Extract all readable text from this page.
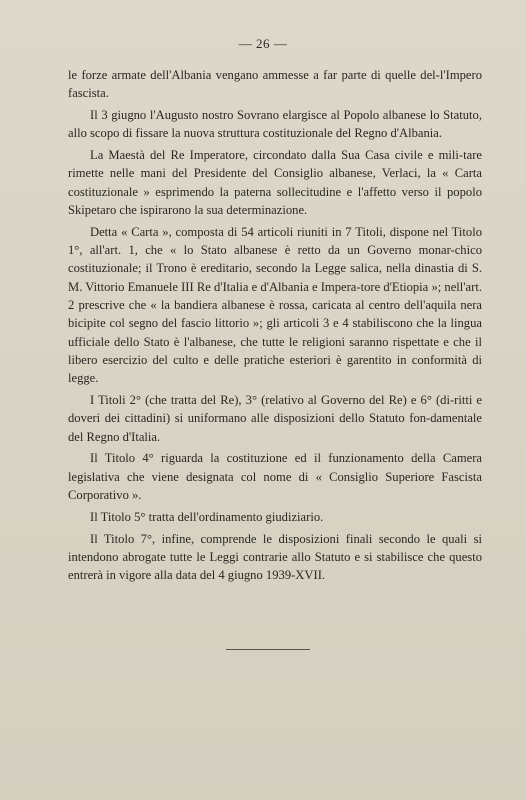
— 26 —

le forze armate dell'Albania vengano ammesse a far parte di quelle del-l'Impero fascista.

Il 3 giugno l'Augusto nostro Sovrano elargisce al Popolo albanese lo Statuto, allo scopo di fissare la nuova struttura costituzionale del Regno d'Albania.

La Maestà del Re Imperatore, circondato dalla Sua Casa civile e mili-tare rimette nelle mani del Presidente del Consiglio albanese, Verlaci, la « Carta costituzionale » esprimendo la paterna sollecitudine e l'affetto verso il popolo Skipetaro che ispirarono la sua determinazione.

Detta « Carta », composta di 54 articoli riuniti in 7 Titoli, dispone nel Titolo 1°, all'art. 1, che « lo Stato albanese è retto da un Governo monar-chico costituzionale; il Trono è ereditario, secondo la Legge salica, nella dinastia di S. M. Vittorio Emanuele III Re d'Italia e d'Albania e Impera-tore d'Etiopia »; nell'art. 2 prescrive che « la bandiera albanese è rossa, caricata al centro dell'aquila nera bicipite col segno del fascio littorio »; gli articoli 3 e 4 stabiliscono che la lingua ufficiale dello Stato è l'albanese, che tutte le religioni saranno rispettate e che il libero esercizio del culto e delle pratiche esteriori è garentito in conformità di legge.

I Titoli 2° (che tratta del Re), 3° (relativo al Governo del Re) e 6° (di-ritti e doveri dei cittadini) si uniformano alle disposizioni dello Statuto fon-damentale del Regno d'Italia.

Il Titolo 4° riguarda la costituzione ed il funzionamento della Camera legislativa che viene designata col nome di « Consiglio Superiore Fascista Corporativo ».

Il Titolo 5° tratta dell'ordinamento giudiziario.

Il Titolo 7°, infine, comprende le disposizioni finali secondo le quali si intendono abrogate tutte le Leggi contrarie allo Statuto e si stabilisce che questo entrerà in vigore alla data del 4 giugno 1939-XVII.
